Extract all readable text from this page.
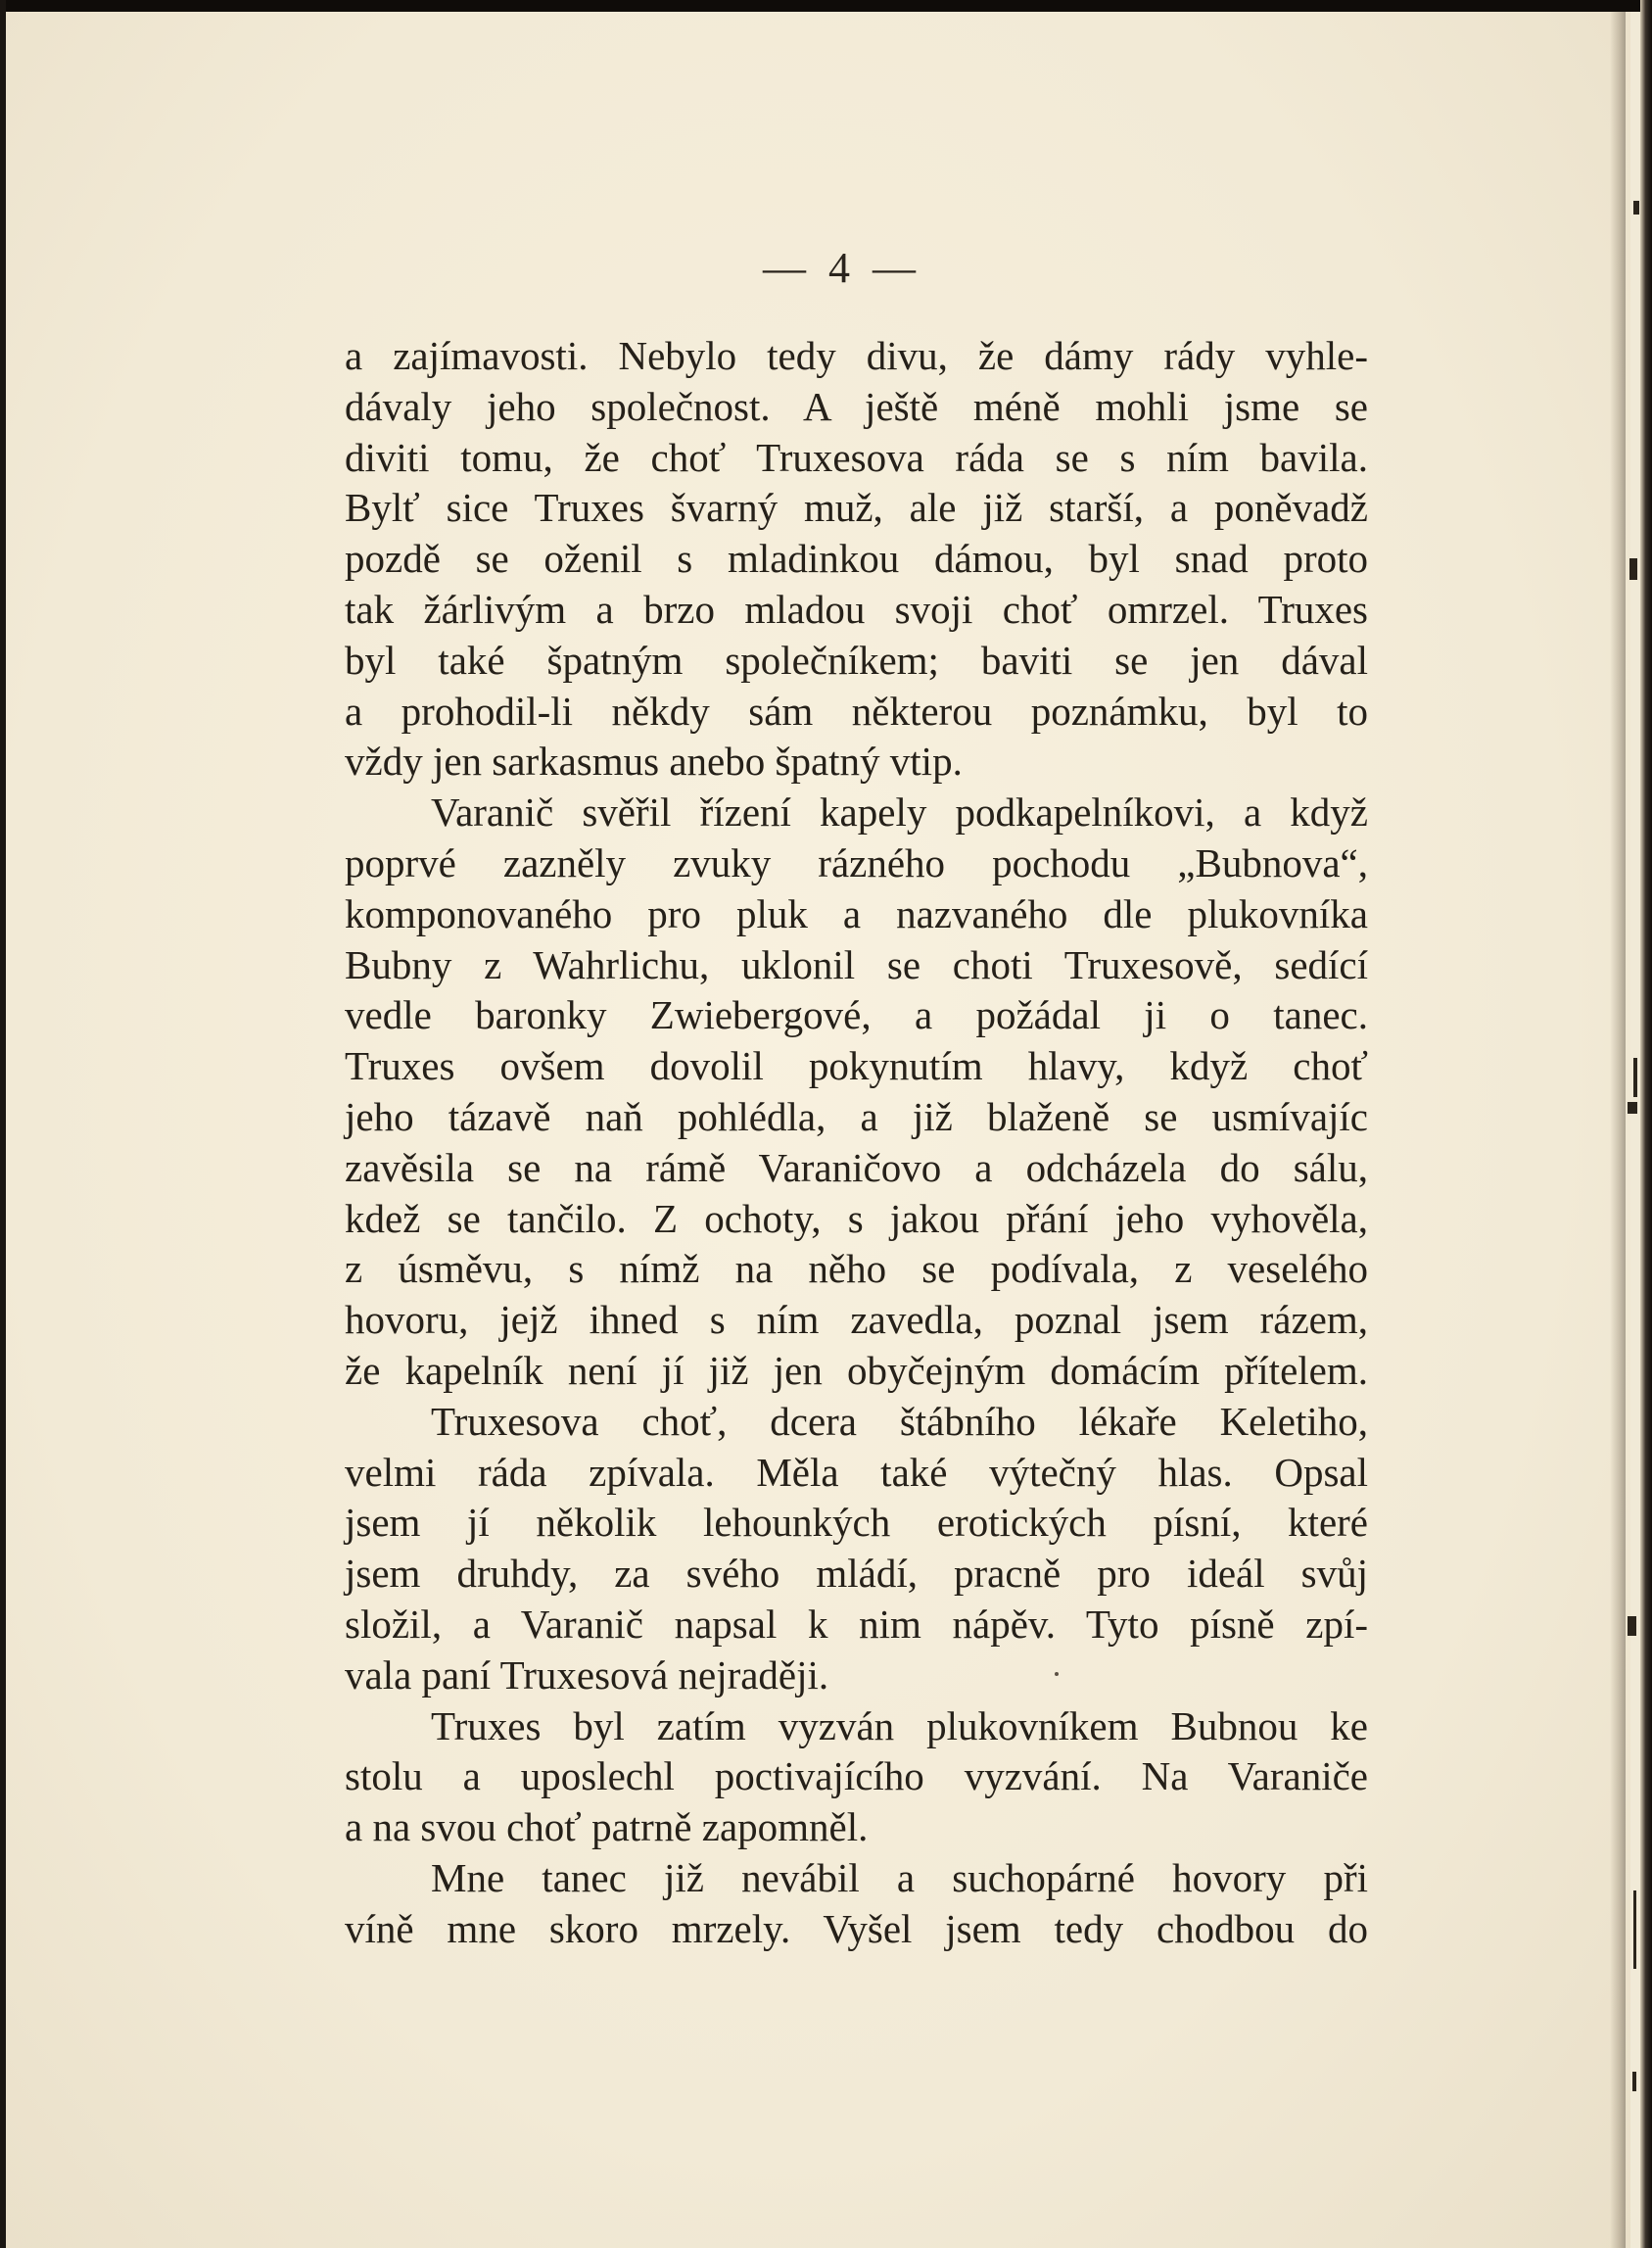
— 4 —
a zajímavosti. Nebylo tedy divu, že dámy rády vyhle-
dávaly jeho společnost. A ještě méně mohli jsme se
diviti tomu, že choť Truxesova ráda se s ním bavila.
Bylť sice Truxes švarný muž, ale již starší, a poněvadž
pozdě se oženil s mladinkou dámou, byl snad proto
tak žárlivým a brzo mladou svoji choť omrzel. Truxes
byl také špatným společníkem; baviti se jen dával
a prohodil-li někdy sám některou poznámku, byl to
vždy jen sarkasmus anebo špatný vtip.
Varanič svěřil řízení kapely podkapelníkovi, a když
poprvé zazněly zvuky rázného pochodu „Bubnova“,
komponovaného pro pluk a nazvaného dle plukovníka
Bubny z Wahrlichu, uklonil se choti Truxesově, sedící
vedle baronky Zwiebergové, a požádal ji o tanec.
Truxes ovšem dovolil pokynutím hlavy, když choť
jeho tázavě naň pohlédla, a již blaženě se usmívajíc
zavěsila se na rámě Varaničovo a odcházela do sálu,
kdež se tančilo. Z ochoty, s jakou přání jeho vyhověla,
z úsměvu, s nímž na něho se podívala, z veselého
hovoru, jejž ihned s ním zavedla, poznal jsem rázem,
že kapelník není jí již jen obyčejným domácím přítelem.
Truxesova choť, dcera štábního lékaře Keletiho,
velmi ráda zpívala. Měla také výtečný hlas. Opsal
jsem jí několik lehounkých erotických písní, které
jsem druhdy, za svého mládí, pracně pro ideál svůj
složil, a Varanič napsal k nim nápěv. Tyto písně zpí-
vala paní Truxesová nejraději.
Truxes byl zatím vyzván plukovníkem Bubnou ke
stolu a uposlechl poctivajícího vyzvání. Na Varaniče
a na svou choť patrně zapomněl.
Mne tanec již nevábil a suchopárné hovory při
víně mne skoro mrzely. Vyšel jsem tedy chodbou do
